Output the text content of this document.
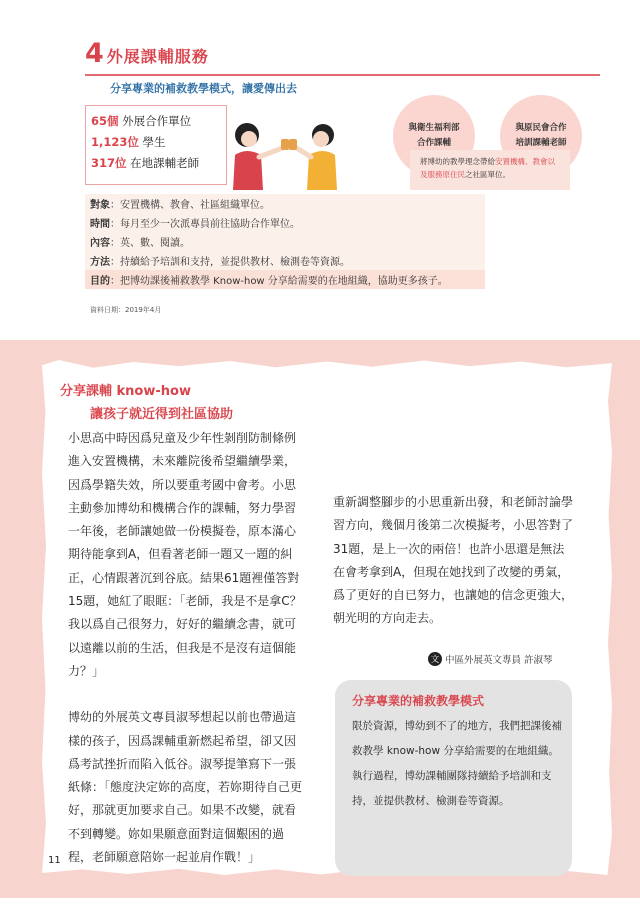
4 外展課輔服務
分享專業的補救教學模式，讓愛傳出去
65個 外展合作單位
1,123位 學生
317位 在地課輔老師
與衛生福利部
合作課輔
與原民會合作
培訓課輔老師
將博幼的教學理念帶給安置機構、教會以及服務原住民之社區單位。
對象 ：安置機構、教會、社區組織單位。
時間 ：每月至少一次派專員前往協助合作單位。
內容 ：英、數、閱讀。
方法 ：持續給予培訓和支持，並提供教材、檢測卷等資源。
目的 ：把博幼課後補救教學 Know-how 分享給需要的在地組織，協助更多孩子。
資料日期：2019年4月
分享課輔 know-how
讓孩子就近得到社區協助

小思高中時因爲兒童及少年性剝削防制條例進入安置機構，未來離院後希望繼續學業，因爲學籍失效，所以要重考國中會考。小思主動參加博幼和機構合作的課輔，努力學習一年後，老師讓她做一份模擬卷，原本滿心期待能拿到A，但看著老師一題又一題的糾正，心情跟著沉到谷底。結果61題裡僅答對15題，她紅了眼眶：「老師，我是不是拿C？我以爲自己很努力，好好的繼續念書，就可以遠離以前的生活，但我是不是沒有這個能力？」

博幼的外展英文專員淑琴想起以前也帶過這樣的孩子，因爲課輔重新燃起希望，卻又因爲考試挫折而陷入低谷。淑琴提筆寫下一張紙條：「態度決定妳的高度，若妳期待自己更好，那就更加要求自己。如果不改變，就看不到轉變。妳如果願意面對這個艱困的過程，老師願意陪妳一起並肩作戰！」

重新調整腳步的小思重新出發，和老師討論學習方向，幾個月後第二次模擬考，小思答對了31題，是上一次的兩倍！也許小思還是無法在會考拿到A，但現在她找到了改變的勇氣，爲了更好的自已努力，也讓她的信念更強大，朝光明的方向走去。

文 中區外展英文專員 許淑琴
分享專業的補救教學模式
限於資源，博幼到不了的地方，我們把課後補救教學 know-how 分享給需要的在地組織。執行過程，博幼課輔團隊持續給予培訓和支持，並提供教材、檢測卷等資源。
11
